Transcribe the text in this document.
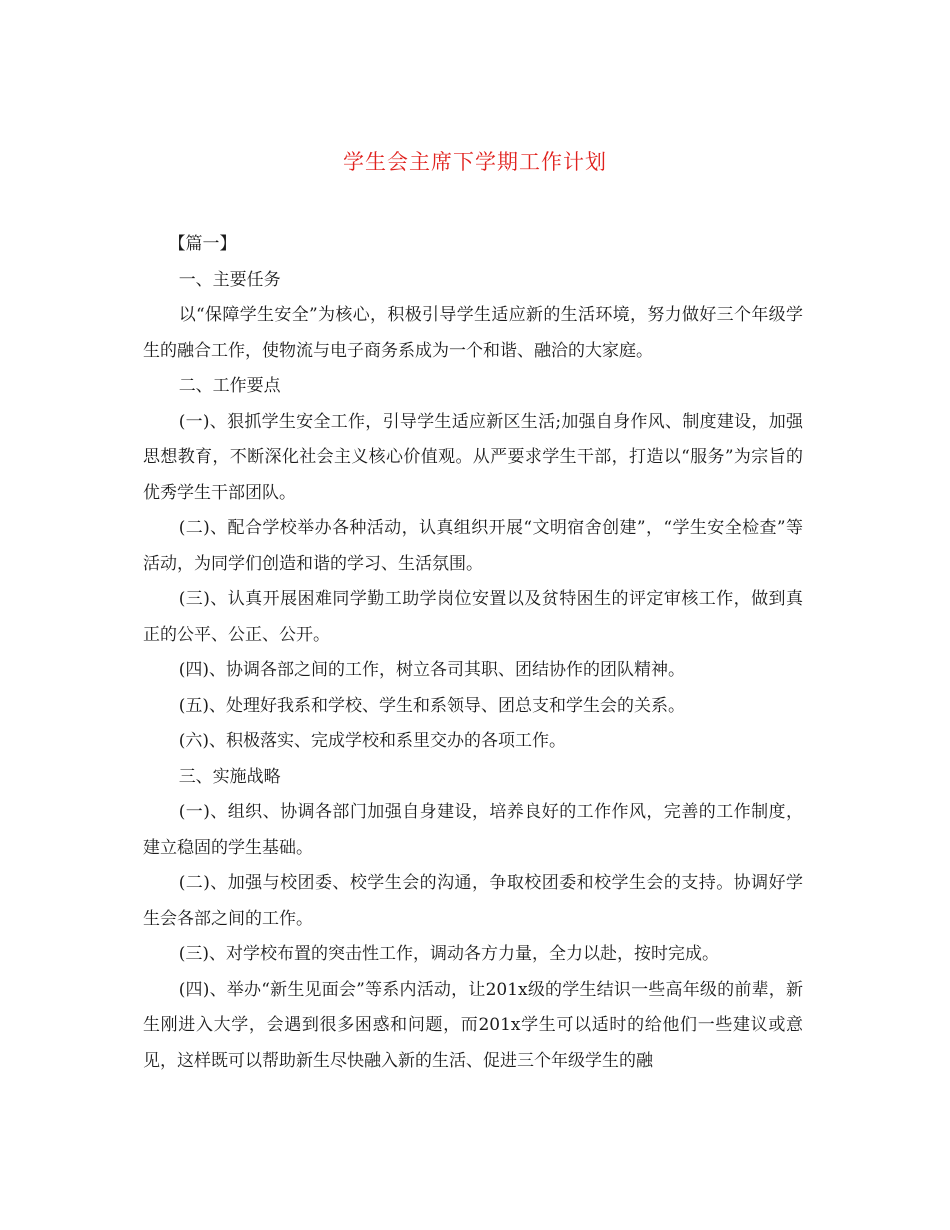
学生会主席下学期工作计划

【篇一】

一、主要任务

以“保障学生安全”为核心，积极引导学生适应新的生活环境，努力做好三个年级学生的融合工作，使物流与电子商务系成为一个和谐、融洽的大家庭。

二、工作要点

(一)、狠抓学生安全工作，引导学生适应新区生活;加强自身作风、制度建设，加强思想教育，不断深化社会主义核心价值观。从严要求学生干部，打造以“服务”为宗旨的优秀学生干部团队。

(二)、配合学校举办各种活动，认真组织开展“文明宿舍创建”，“学生安全检查”等活动，为同学们创造和谐的学习、生活氛围。

(三)、认真开展困难同学勤工助学岗位安置以及贫特困生的评定审核工作，做到真正的公平、公正、公开。

(四)、协调各部之间的工作，树立各司其职、团结协作的团队精神。

(五)、处理好我系和学校、学生和系领导、团总支和学生会的关系。

(六)、积极落实、完成学校和系里交办的各项工作。

三、实施战略

(一)、组织、协调各部门加强自身建设，培养良好的工作作风，完善的工作制度，建立稳固的学生基础。

(二)、加强与校团委、校学生会的沟通，争取校团委和校学生会的支持。协调好学生会各部之间的工作。

(三)、对学校布置的突击性工作，调动各方力量，全力以赴，按时完成。

(四)、举办“新生见面会”等系内活动，让201x级的学生结识一些高年级的前辈，新生刚进入大学，会遇到很多困惑和问题，而201x学生可以适时的给他们一些建议或意见，这样既可以帮助新生尽快融入新的生活、促进三个年级学生的融
